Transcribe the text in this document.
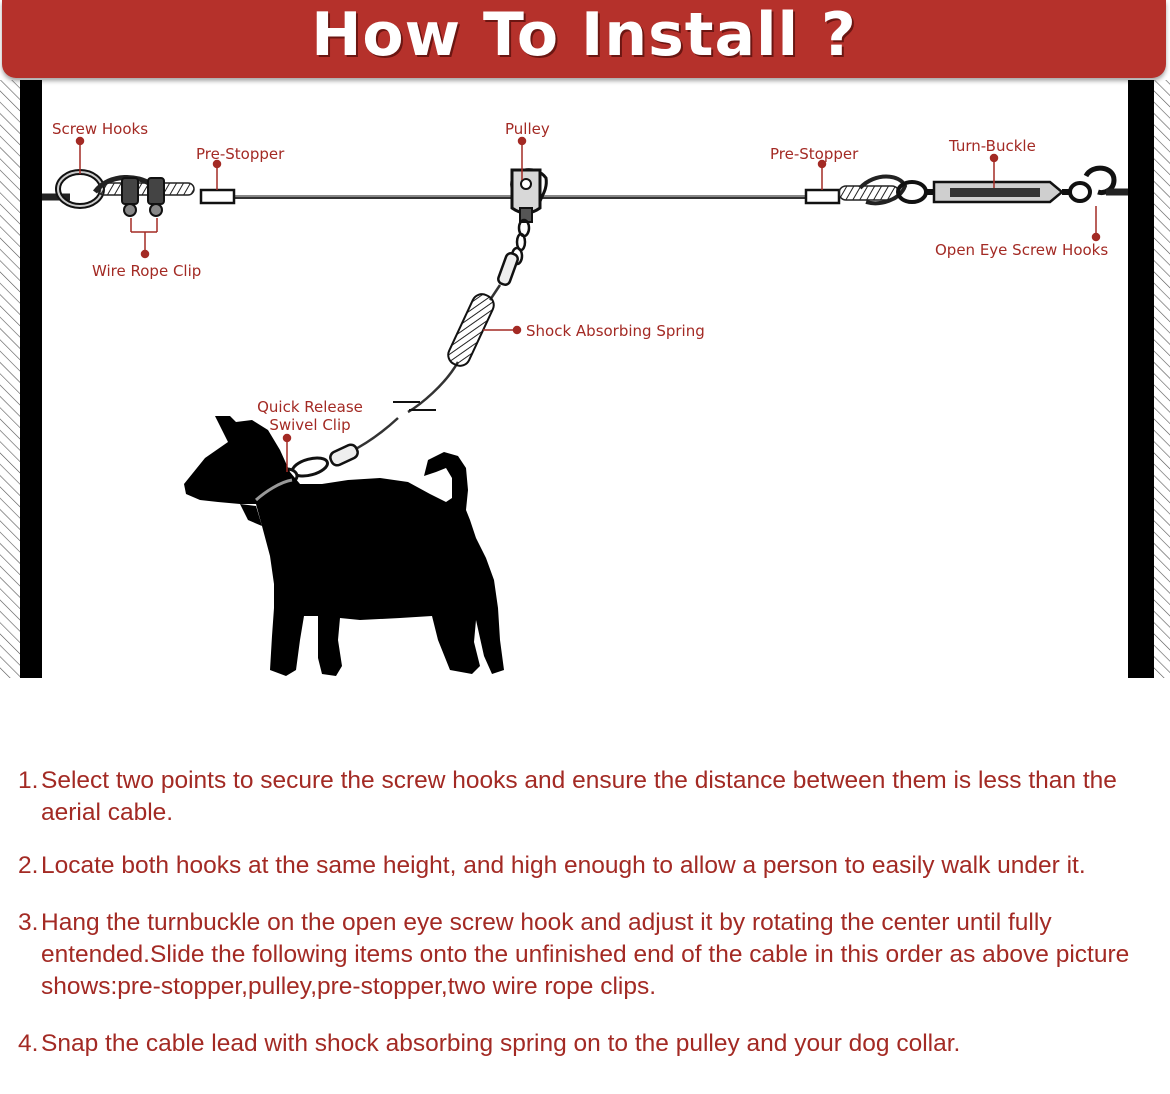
How To Install ?
Screw Hooks
Pre-Stopper
Pulley
Pre-Stopper	Turn-Buckle
Open Eye Screw Hooks
Wire Rope Clip
Shock Absorbing Spring
Quick Release
Swivel Clip
1. Select two points to secure the screw hooks and ensure the distance between them is less than the aerial cable.
2. Locate both hooks at the same height, and high enough to allow a person to easily walk under it.
3. Hang the turnbuckle on the open eye screw hook and adjust it by rotating the center until fully entended.Slide the following items onto the unfinished end of the cable in this order as above picture shows:pre-stopper,pulley,pre-stopper,two wire rope clips.
4. Snap the cable lead with shock absorbing spring on to the pulley and your dog collar.
